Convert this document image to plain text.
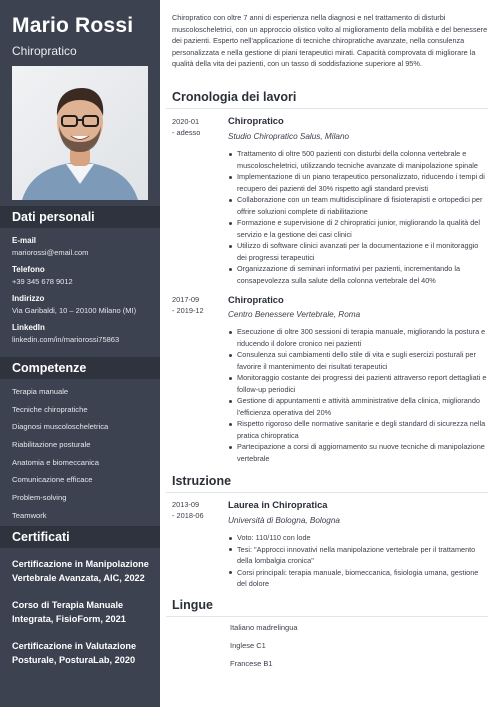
Mario Rossi
Chiropratico
Dati personali
E-mail
mariorossi@email.com
Telefono
+39 345 678 9012
Indirizzo
Via Garibaldi, 10 – 20100 Milano (MI)
LinkedIn
linkedin.com/in/mariorossi75863
Competenze
Terapia manuale
Tecniche chiropratiche
Diagnosi muscoloscheletrica
Riabilitazione posturale
Anatomia e biomeccanica
Comunicazione efficace
Problem-solving
Teamwork
Certificati
Certificazione in Manipolazione Vertebrale Avanzata, AIC, 2022
Corso di Terapia Manuale Integrata, FisioForm, 2021
Certificazione in Valutazione Posturale, PosturaLab, 2020

Chiropratico con oltre 7 anni di esperienza nella diagnosi e nel trattamento di disturbi muscoloscheletrici, con un approccio olistico volto al miglioramento della mobilità e del benessere dei pazienti. Esperto nell'applicazione di tecniche chiropratiche avanzate, nella consulenza personalizzata e nella gestione di piani terapeutici mirati. Capacità comprovata di migliorare la qualità della vita dei pazienti, con un tasso di soddisfazione superiore al 95%.

Cronologia dei lavori
2020-01
- adesso
Chiropratico
Studio Chiropratico Salus, Milano
Trattamento di oltre 500 pazienti con disturbi della colonna vertebrale e muscoloscheletrici, utilizzando tecniche avanzate di manipolazione spinale
Implementazione di un piano terapeutico personalizzato, riducendo i tempi di recupero dei pazienti del 30% rispetto agli standard previsti
Collaborazione con un team multidisciplinare di fisioterapisti e ortopedici per offrire soluzioni complete di riabilitazione
Formazione e supervisione di 2 chiropratici junior, migliorando la qualità del servizio e la gestione dei casi clinici
Utilizzo di software clinici avanzati per la documentazione e il monitoraggio dei progressi terapeutici
Organizzazione di seminari informativi per pazienti, incrementando la consapevolezza sulla salute della colonna vertebrale del 40%
2017-09
- 2019-12
Chiropratico
Centro Benessere Vertebrale, Roma
Esecuzione di oltre 300 sessioni di terapia manuale, migliorando la postura e riducendo il dolore cronico nei pazienti
Consulenza sui cambiamenti dello stile di vita e sugli esercizi posturali per favorire il mantenimento dei risultati terapeutici
Monitoraggio costante dei progressi dei pazienti attraverso report dettagliati e follow-up periodici
Gestione di appuntamenti e attività amministrative della clinica, migliorando l'efficienza operativa del 20%
Rispetto rigoroso delle normative sanitarie e degli standard di sicurezza nella pratica chiropratica
Partecipazione a corsi di aggiornamento su nuove tecniche di manipolazione vertebrale
Istruzione
2013-09
- 2018-06
Laurea in Chiropratica
Università di Bologna, Bologna
Voto: 110/110 con lode
Tesi: "Approcci innovativi nella manipolazione vertebrale per il trattamento della lombalgia cronica"
Corsi principali: terapia manuale, biomeccanica, fisiologia umana, gestione del dolore
Lingue
Italiano madrelingua
Inglese C1
Francese B1
